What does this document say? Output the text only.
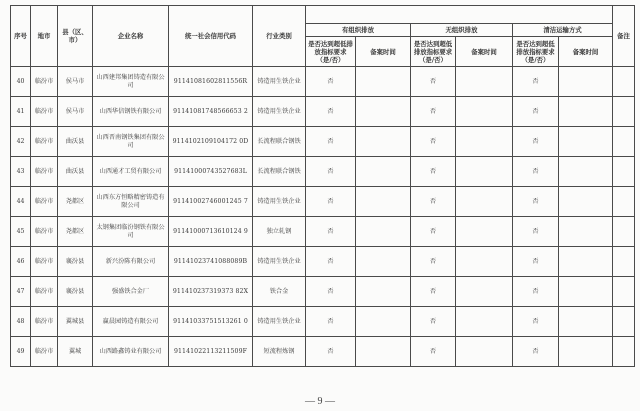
序号	地市	县（区、市）	企业名称	统一社会信用代码	行业类别							备注
						有组织排放		无组织排放		清洁运输方式		
						是否达到超低排放指标要求（是/否）	备案时间	是否达到超低排放指标要求（是/否）	备案时间	是否达到超低排放指标要求（是/否）	备案时间	
40	临汾市	侯马市	山西建邦集团铸造有限公司	91141081602811556R	铸造用生铁企业	否		否		否		
41	临汾市	侯马市	山西华信钢铁有限公司	91141081748566653 2	铸造用生铁企业	否		否		否		
42	临汾市	曲沃县	山西晋南钢铁集团有限公司	9114102109104172 0D	长流程联合钢铁	否		否		否		
43	临汾市	曲沃县	山西通才工贸有限公司	91141000743527683L	长流程联合钢铁	否		否		否		
44	临汾市	尧都区	山西东方恒略精密铸造有限公司	91141002746001245 7	铸造用生铁企业	否		否		否		
45	临汾市	尧都区	太钢集团临汾钢铁有限公司	91141000713610124 9	独立轧钢	否		否		否		
46	临汾市	襄汾县	新兴汾陈有限公司	91141023741088089B	铸造用生铁企业	否		否		否		
47	临汾市	襄汾县	强盛铁合金厂	911410237319373 82X	铁合金	否		否		否		
48	临汾市	翼城县	赢晨园铸造有限公司	91141033751513261 0	铸造用生铁企业	否		否		否		
49	临汾市	翼城	山西路鑫铸业有限公司	91141022113211509F	短流程炼钢	否		否		否		
— 9 —
